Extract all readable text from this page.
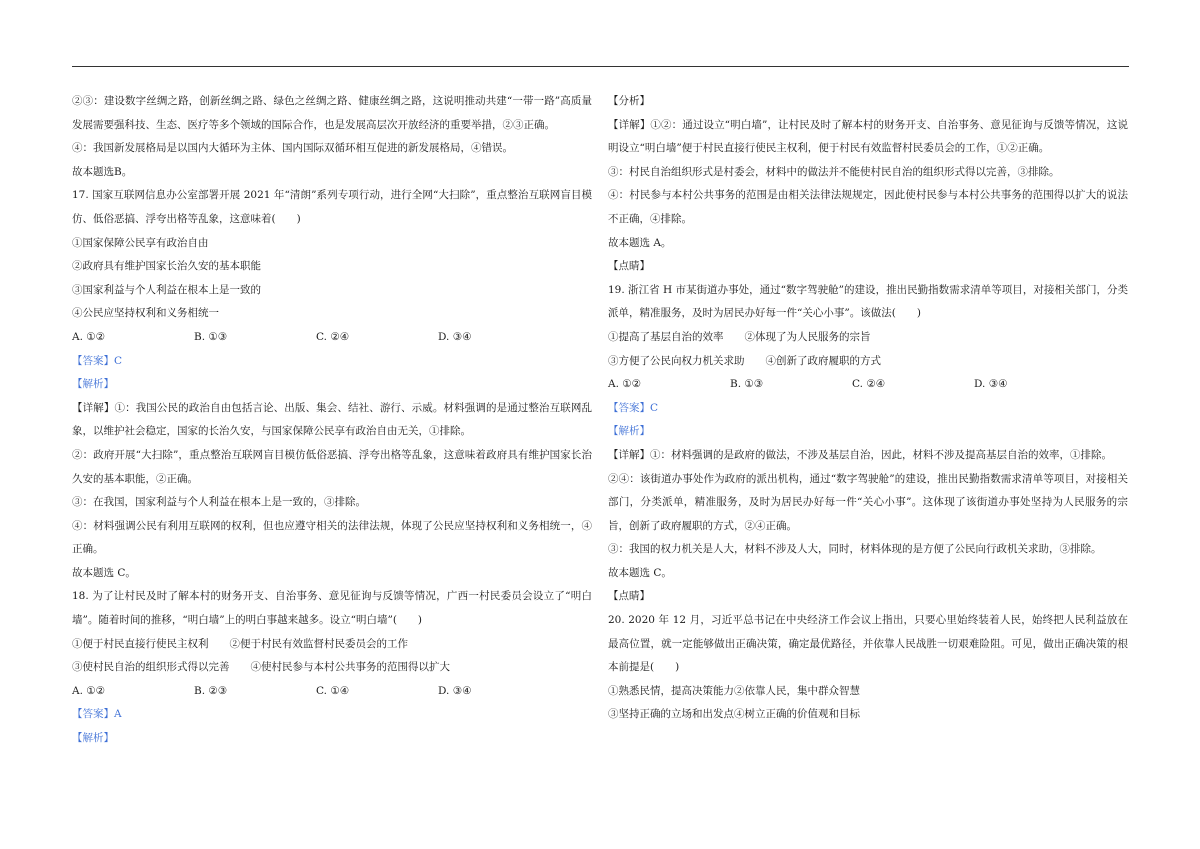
②③：建设数字丝绸之路，创新丝绸之路、绿色之丝绸之路、健康丝绸之路，这说明推动共建“一带一路”高质量发展需要强科技、生态、医疗等多个领域的国际合作，也是发展高层次开放经济的重要举措，②③正确。

④：我国新发展格局是以国内大循环为主体、国内国际双循环相互促进的新发展格局，④错误。

故本题选B。

17. 国家互联网信息办公室部署开展 2021 年“清朗”系列专项行动，进行全网“大扫除”，重点整治互联网盲目模仿、低俗恶搞、浮夸出格等乱象，这意味着(　　)

①国家保障公民享有政治自由

②政府具有维护国家长治久安的基本职能

③国家利益与个人利益在根本上是一致的

④公民应坚持权利和义务相统一

A. ①②	B. ①③	C. ②④	D. ③④

【答案】C

【解析】

【详解】①：我国公民的政治自由包括言论、出版、集会、结社、游行、示威。材料强调的是通过整治互联网乱象，以维护社会稳定，国家的长治久安，与国家保障公民享有政治自由无关，①排除。

②：政府开展“大扫除”，重点整治互联网盲目模仿低俗恶搞、浮夸出格等乱象，这意味着政府具有维护国家长治久安的基本职能，②正确。

③：在我国，国家利益与个人利益在根本上是一致的，③排除。

④：材料强调公民有利用互联网的权利，但也应遵守相关的法律法规，体现了公民应坚持权利和义务相统一，④正确。

故本题选 C。

18. 为了让村民及时了解本村的财务开支、自治事务、意见征询与反馈等情况，广西一村民委员会设立了“明白墙”。随着时间的推移，“明白墙”上的明白事越来越多。设立“明白墙”(　　)

①便于村民直接行使民主权利　　②便于村民有效监督村民委员会的工作

③使村民自治的组织形式得以完善　　④使村民参与本村公共事务的范围得以扩大

A. ①②	B. ②③	C. ①④	D. ③④

【答案】A

【解析】

【分析】

【详解】①②：通过设立“明白墙”，让村民及时了解本村的财务开支、自治事务、意见征询与反馈等情况，这说明设立“明白墙”便于村民直接行使民主权利，便于村民有效监督村民委员会的工作，①②正确。

③：村民自治组织形式是村委会，材料中的做法并不能使村民自治的组织形式得以完善，③排除。

④：村民参与本村公共事务的范围是由相关法律法规规定，因此使村民参与本村公共事务的范围得以扩大的说法不正确，④排除。

故本题选 A。

【点睛】

19. 浙江省 H 市某街道办事处，通过“数字驾驶舱”的建设，推出民勤指数需求清单等项目，对接相关部门，分类派单，精准服务，及时为居民办好每一件“关心小事”。该做法(　　)

①提高了基层自治的效率　　②体现了为人民服务的宗旨

③方便了公民向权力机关求助　　④创新了政府履职的方式

A. ①②	B. ①③	C. ②④	D. ③④

【答案】C

【解析】

【详解】①：材料强调的是政府的做法，不涉及基层自治，因此，材料不涉及提高基层自治的效率，①排除。

②④：该街道办事处作为政府的派出机构，通过“数字驾驶舱”的建设，推出民勤指数需求清单等项目，对接相关部门，分类派单，精准服务，及时为居民办好每一件“关心小事”。这体现了该街道办事处坚持为人民服务的宗旨，创新了政府履职的方式，②④正确。

③：我国的权力机关是人大，材料不涉及人大，同时，材料体现的是方便了公民向行政机关求助，③排除。

故本题选 C。

【点睛】

20. 2020 年 12 月，习近平总书记在中央经济工作会议上指出，只要心里始终装着人民，始终把人民利益放在最高位置，就一定能够做出正确决策，确定最优路径，并依靠人民战胜一切艰难险阻。可见，做出正确决策的根本前提是(　　)

①熟悉民情，提高决策能力②依靠人民，集中群众智慧

③坚持正确的立场和出发点④树立正确的价值观和目标
